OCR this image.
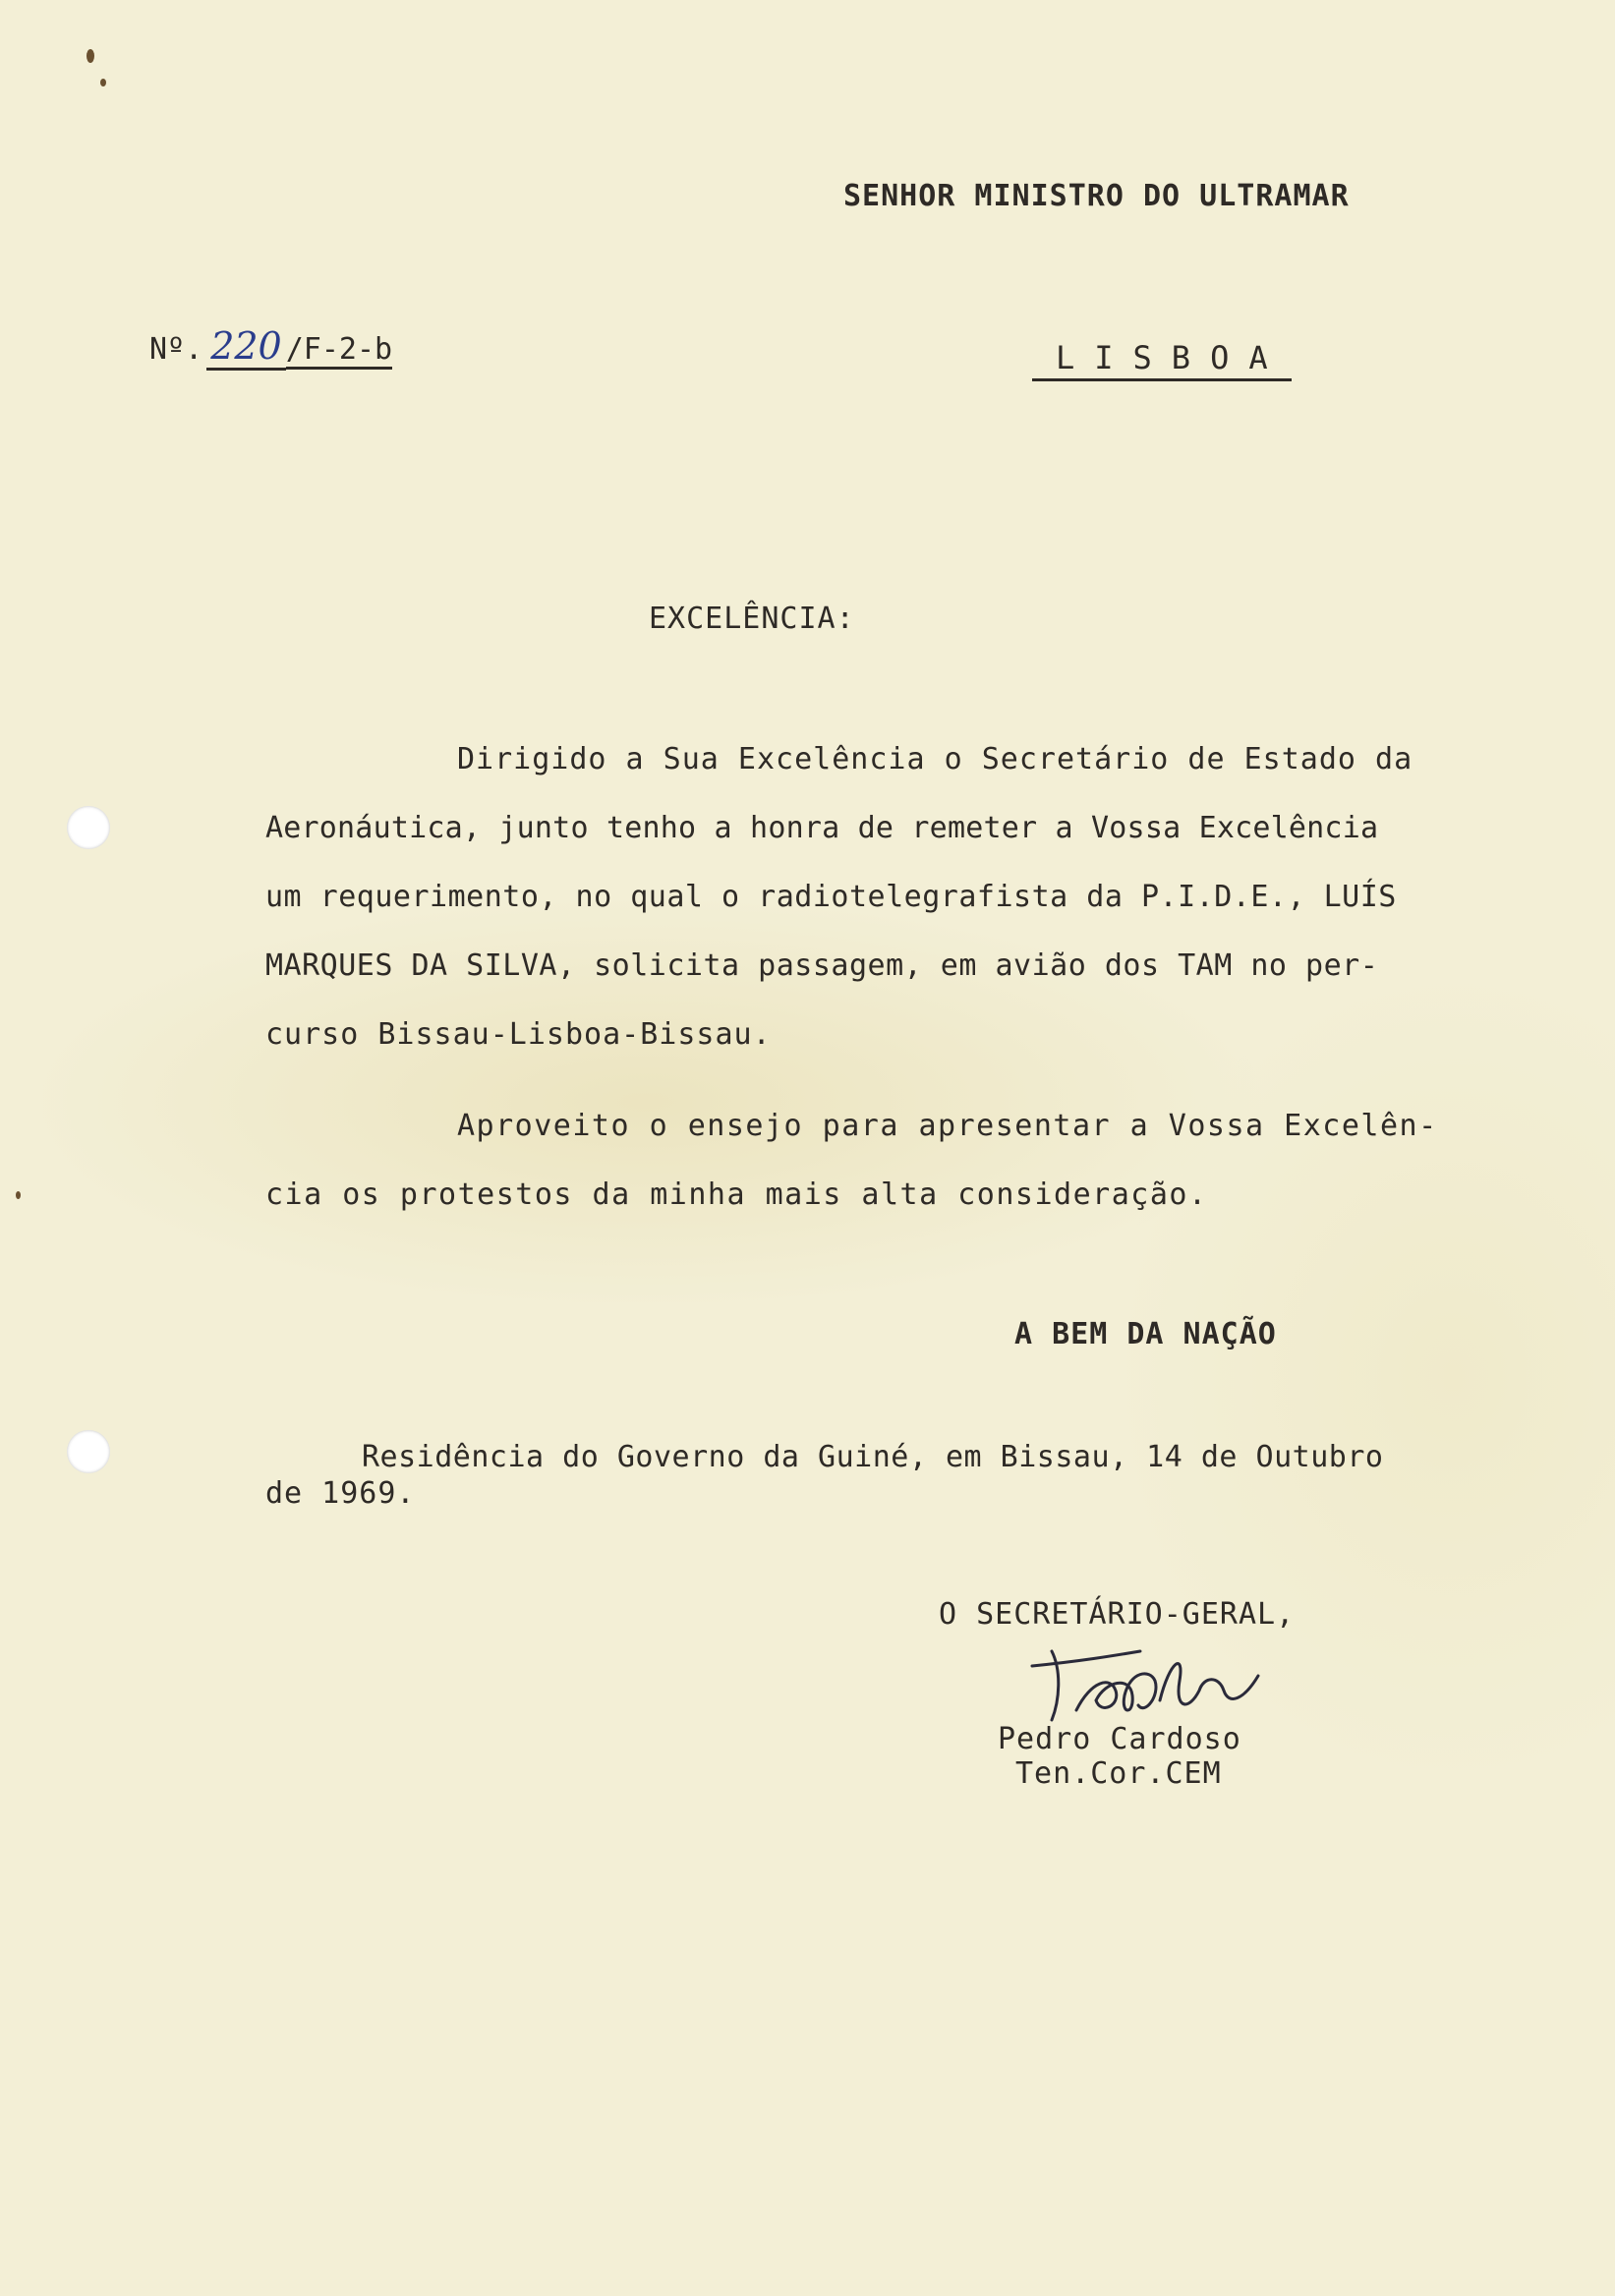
SENHOR MINISTRO DO ULTRAMAR
Nº. 220 /F-2-b	LISBOA
EXCELÊNCIA:
Dirigido a Sua Excelência o Secretário de Estado da
Aeronáutica, junto tenho a honra de remeter a Vossa Excelência
um requerimento, no qual o radiotelegrafista da P.I.D.E., LUÍS
MARQUES DA SILVA, solicita passagem, em avião dos TAM no per-
curso Bissau-Lisboa-Bissau.
Aproveito o ensejo para apresentar a Vossa Excelên-
cia os protestos da minha mais alta consideração.
A BEM DA NAÇÃO
Residência do Governo da Guiné, em Bissau, 14 de Outubro
de 1969.
O SECRETÁRIO-GERAL,
Pedro Cardoso
Ten.Cor.CEM
